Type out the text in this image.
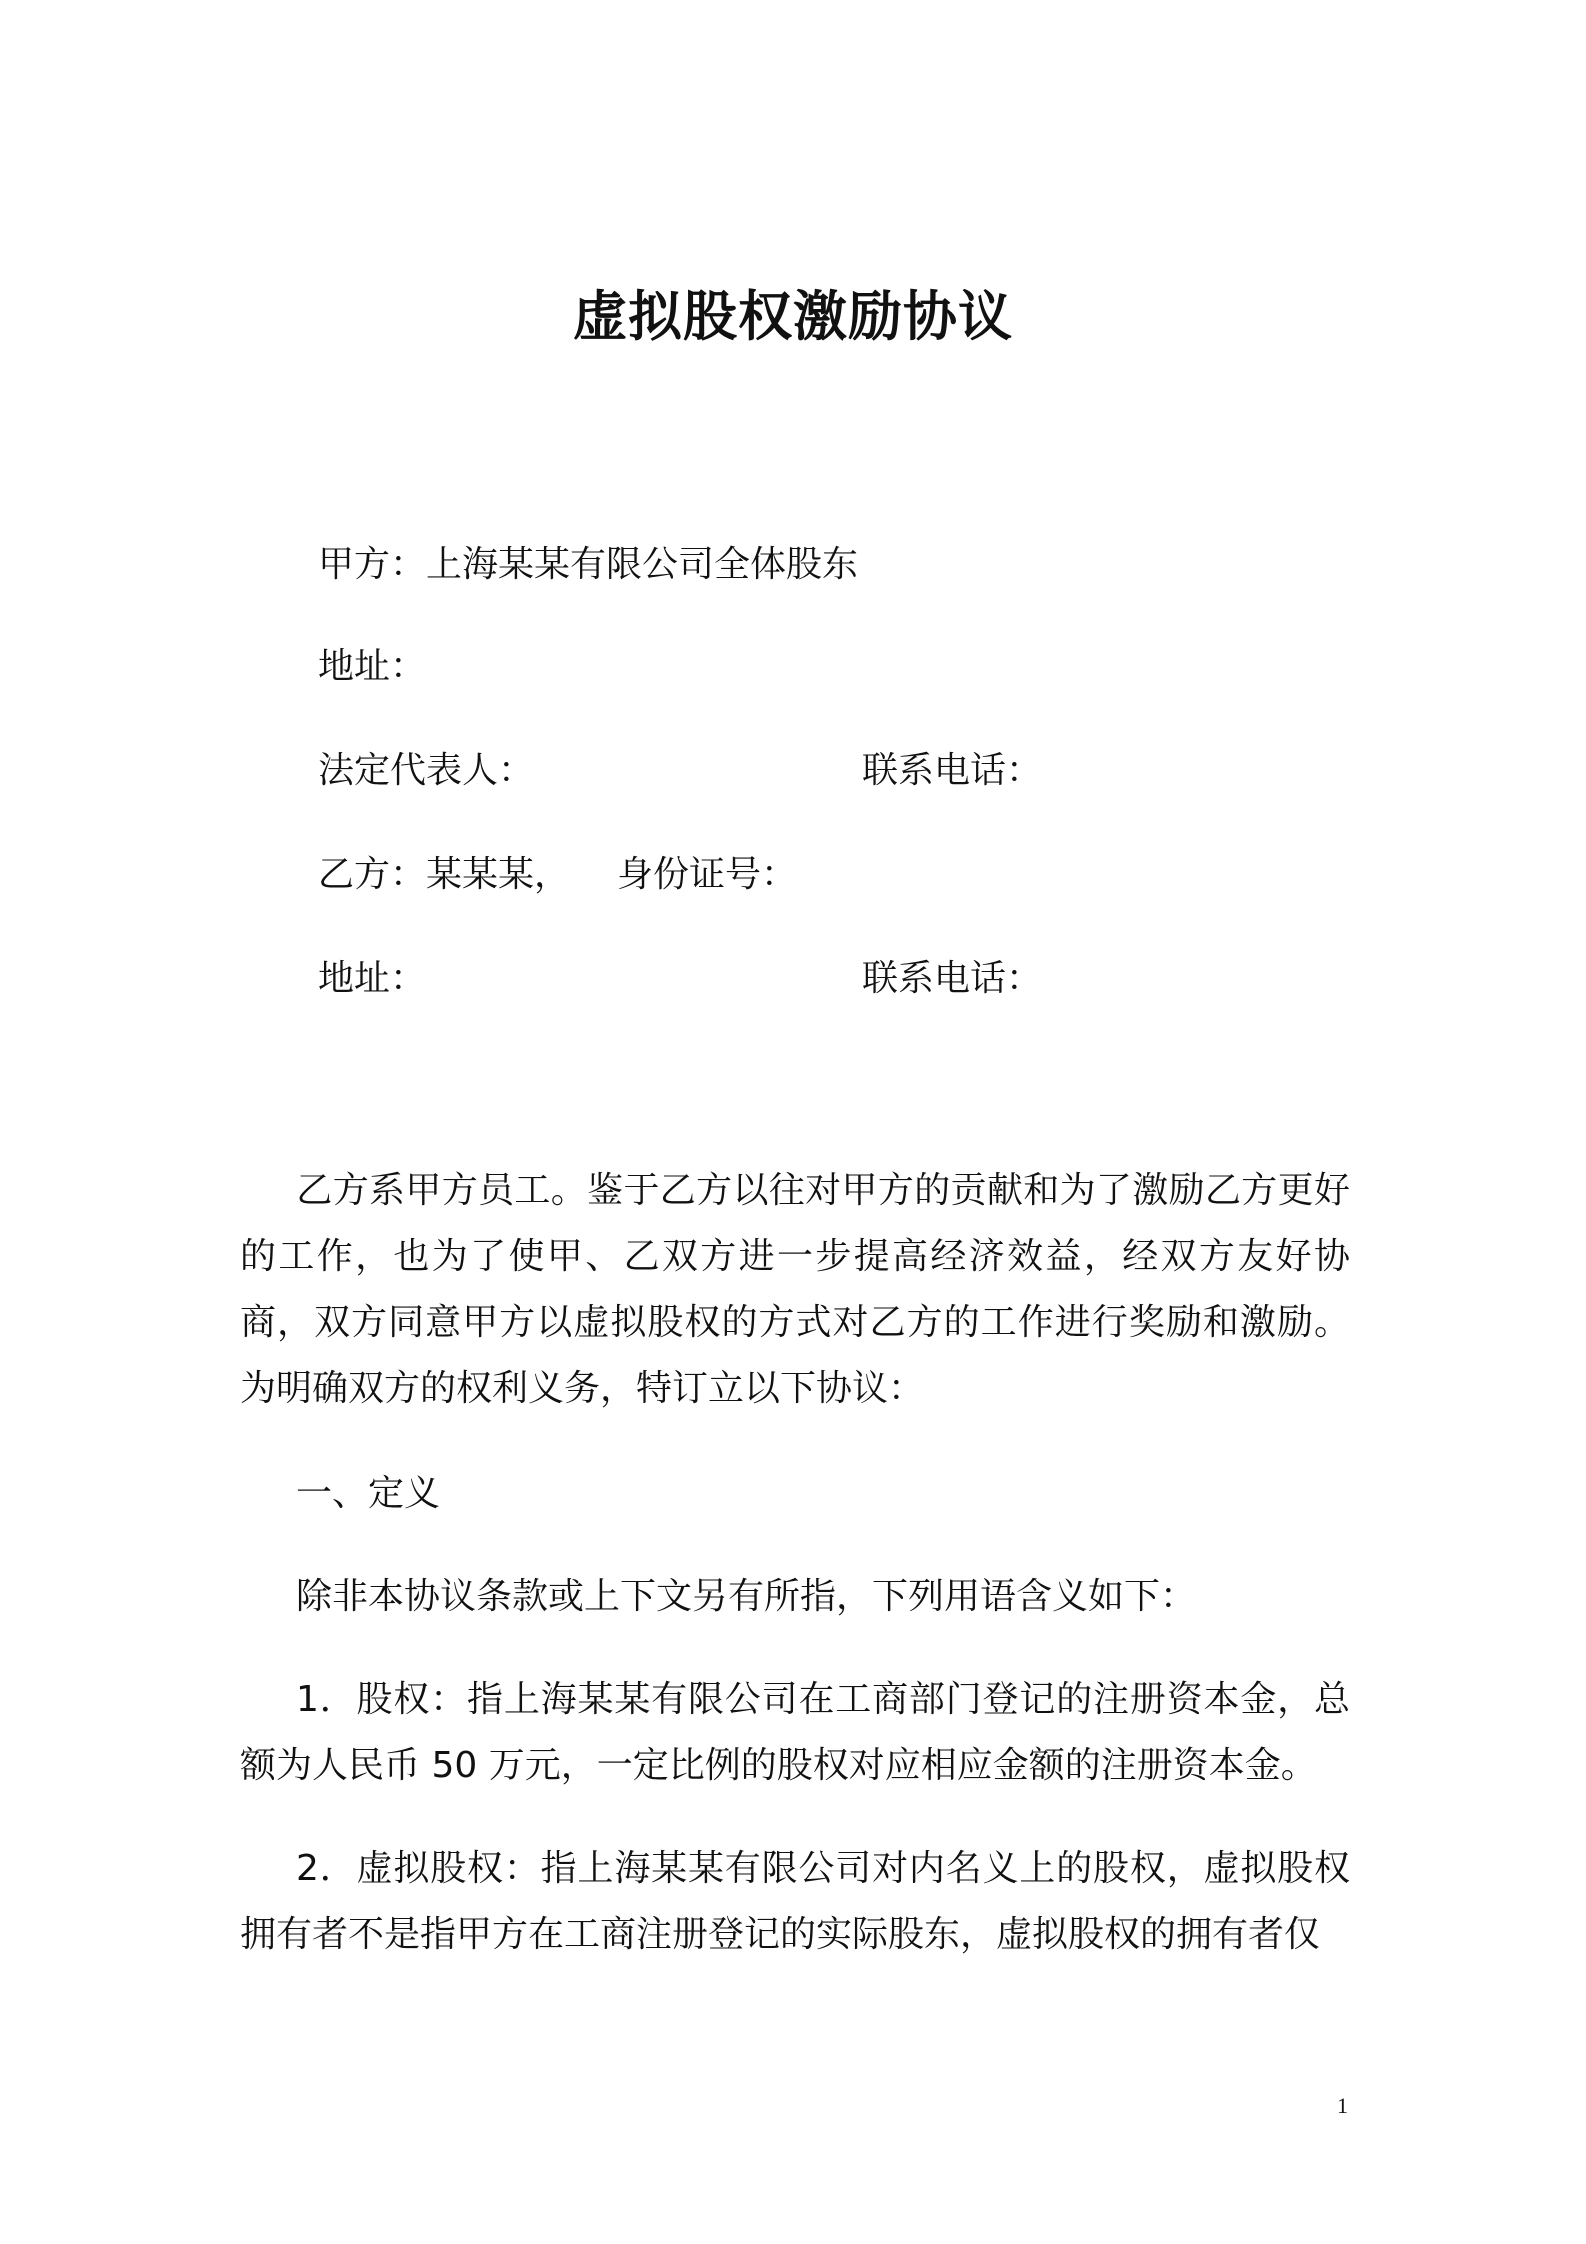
虚拟股权激励协议
甲方：上海某某有限公司全体股东
地址：
法定代表人：	联系电话：
乙方：某某某， 身份证号：
地址：	联系电话：
乙方系甲方员工。鉴于乙方以往对甲方的贡献和为了激励乙方更好的工作，也为了使甲、乙双方进一步提高经济效益，经双方友好协商，双方同意甲方以虚拟股权的方式对乙方的工作进行奖励和激励。为明确双方的权利义务，特订立以下协议：
一、定义
除非本协议条款或上下文另有所指，下列用语含义如下：
1．股权：指上海某某有限公司在工商部门登记的注册资本金，总额为人民币 50 万元，一定比例的股权对应相应金额的注册资本金。
2．虚拟股权：指上海某某有限公司对内名义上的股权，虚拟股权拥有者不是指甲方在工商注册登记的实际股东，虚拟股权的拥有者仅
1
